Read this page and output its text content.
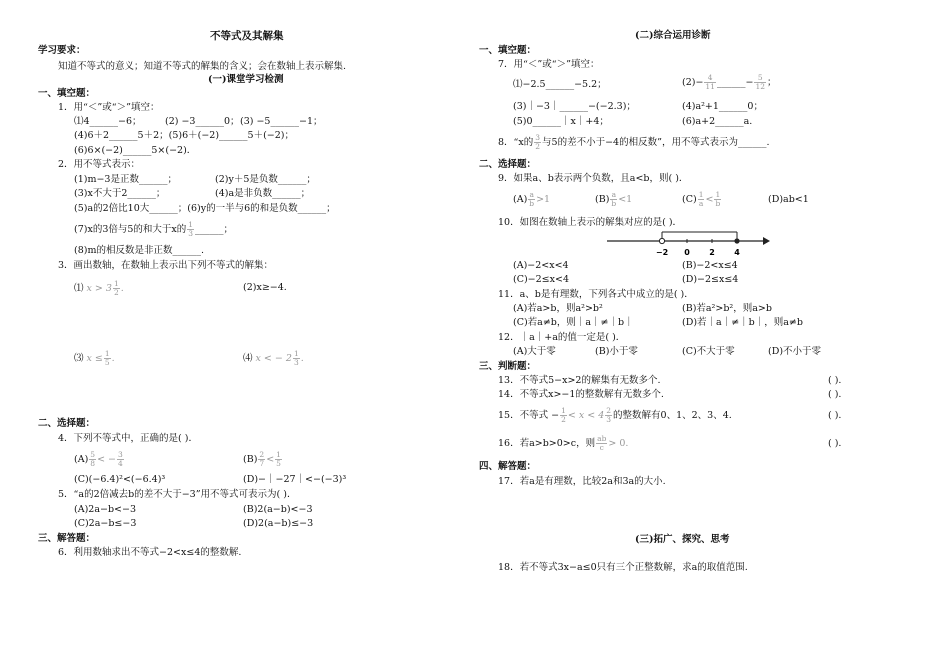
不等式及其解集
学习要求：
知道不等式的意义；知道不等式的解集的含义；会在数轴上表示解集.
(一)课堂学习检测
一、填空题：
1．用“＜”或“＞”填空：
⑴4______−6； (2) −3______0； (3) −5______−1；
(4)6＋2______5＋2；(5)6＋(−2)______5＋(−2)；
(6)6×(−2)______5×(−2)．
2．用不等式表示：
(1)m−3是正数______；	(2)y＋5是负数______；
(3)x不大于2______；	(4)a是非负数______；
(5)a的2倍比10大______；(6)y的一半与6的和是负数______；
(7)x的3倍与5的和大于x的 $\frac{1}{3}$ ______；
(8)m的相反数是非正数______.
3．画出数轴，在数轴上表示出下列不等式的解集：
⑴ $x > 3 \frac{1}{2}$ .	(2)x≥−4.
⑶ $x \le \frac{1}{5}$ .	⑷ x < − $2 \frac{1}{3}$ .
二、选择题：
4．下列不等式中，正确的是( )．
$(A) \frac{5}{8}$ < − $\frac{3}{4}$	$(B) \frac{2}{7} < \frac{1}{5}$
(C)(−6.4)²<(−6.4)³	(D)−｜−27｜<−(−3)³
5．“a的2倍减去b的差不大于−3”用不等式可表示为( )．
(A)2a−b<−3	(B)2(a−b)<−3
(C)2a−b≤−3	(D)2(a−b)≤−3
三、解答题：
6．利用数轴求出不等式−2<x≤4的整数解.
(二)综合运用诊断
一、填空题：
7．用“＜”或“＞”填空：
⑴−2.5______−5.2；	$(2)- \frac{4}{11}$ ______− $\frac{5}{12}$ ；
(3)｜−3｜______−(−2.3)；	(4)a²+1______0；
(5)0______｜x｜+4；	(6)a+2______a.
8．“x的 $\frac{3}{2}$ 与5的差不小于−4的相反数”，用不等式表示为______.
二、选择题：
9．如果a、b表示两个负数，且a<b，则( )．
$(A) \frac{a}{b} >1$	$(B) \frac{a}{b} <1$	$(C) \frac{1}{a} < \frac{1}{b}$	(D)ab<1
10．如图在数轴上表示的解集对应的是( )．
−2 0 2 4
(A)−2<x<4	(B)−2<x≤4
(C)−2≤x<4	(D)−2≤x≤4
11．a、b是有理数，下列各式中成立的是( )．
(A)若a>b，则a²>b²	(B)若a²>b²，则a>b
(C)若a≠b，则｜a｜≠｜b｜	(D)若｜a｜≠｜b｜，则a≠b
12．｜a｜+a的值一定是( )．
(A)大于零	(B)小于零	(C)不大于零	(D)不小于零
三、判断题：
13．不等式5−x>2的解集有无数多个.	( ).
14．不等式x>−1的整数解有无数多个.	( ).
15．不等式 − $\frac{1}{2} < x < 4 \frac{2}{3}$ 的整数解有0、1、2、3、4.	( ).
16．若a>b>0>c，则 $\frac{ab}{c} > 0$.	( ).
四、解答题：
17．若a是有理数，比较2a和3a的大小.
(三)拓广、探究、思考
18．若不等式3x−a≤0只有三个正整数解，求a的取值范围.
